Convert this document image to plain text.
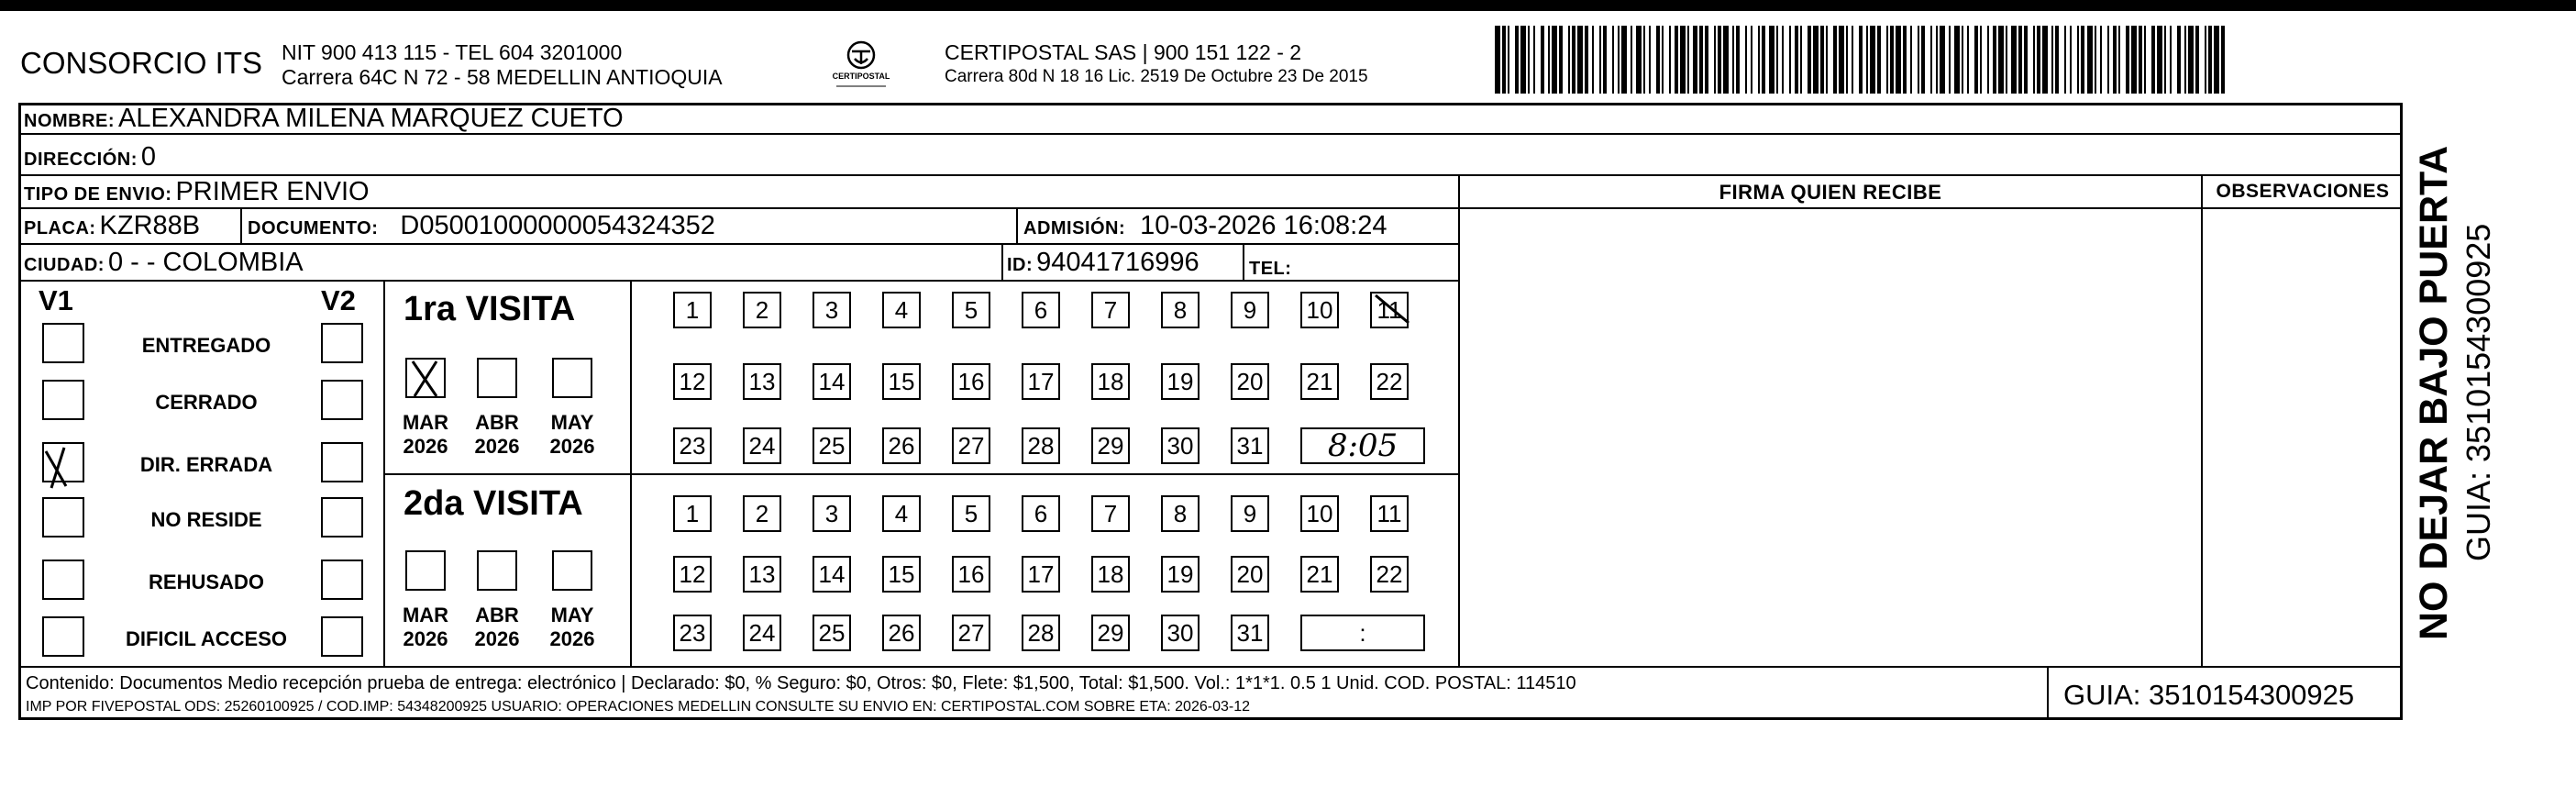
CONSORCIO ITS NIT 900 413 115 - TEL 604 3201000
Carrera 64C N 72 - 58 MEDELLIN ANTIOQUIA	CERTIPOSTAL
CERTIPOSTAL SAS | 900 151 122 - 2
Carrera 80d N 18 16 Lic. 2519 De Octubre 23 De 2015
NOMBRE: ALEXANDRA MILENA MARQUEZ CUETO
DIRECCIÓN: 0
TIPO DE ENVIO: PRIMER ENVIO
PLACA: KZR88B	DOCUMENTO: D05001000000054324352	ADMISIÓN: 10-03-2026 16:08:24
CIUDAD: 0 - - COLOMBIA	ID: 94041716996	TEL:
FIRMA QUIEN RECIBE	OBSERVACIONES
V1	V2
ENTREGADO
CERRADO
DIR. ERRADA
NO RESIDE
REHUSADO
DIFICIL ACCESO
1ra VISITA
2da VISITA
MAR
2026
ABR
2026
MAY
2026
MAR
2026
ABR
2026
MAY
2026
1	2	3	4	5	6	7	8	9	10 11
12 13 14 15 16 17 18 19 20 21 22
23 24 25 26 27 28 29 30 31	8:05
1	2	3	4	5	6	7	8	9	10 11
12 13 14 15 16 17 18 19 20 21 22
23 24 25 26 27 28 29 30 31	:
Contenido: Documentos Medio recepción prueba de entrega: electrónico | Declarado: $0, % Seguro: $0, Otros: $0, Flete: $1,500, Total: $1,500. Vol.: 1*1*1. 0.5 1 Unid. COD. POSTAL: 114510
IMP POR FIVEPOSTAL ODS: 25260100925 / COD.IMP: 54348200925 USUARIO: OPERACIONES MEDELLIN CONSULTE SU ENVIO EN: CERTIPOSTAL.COM SOBRE ETA: 2026-03-12	GUIA: 3510154300925
NO DEJAR BAJO PUERTA GUIA: 3510154300925
